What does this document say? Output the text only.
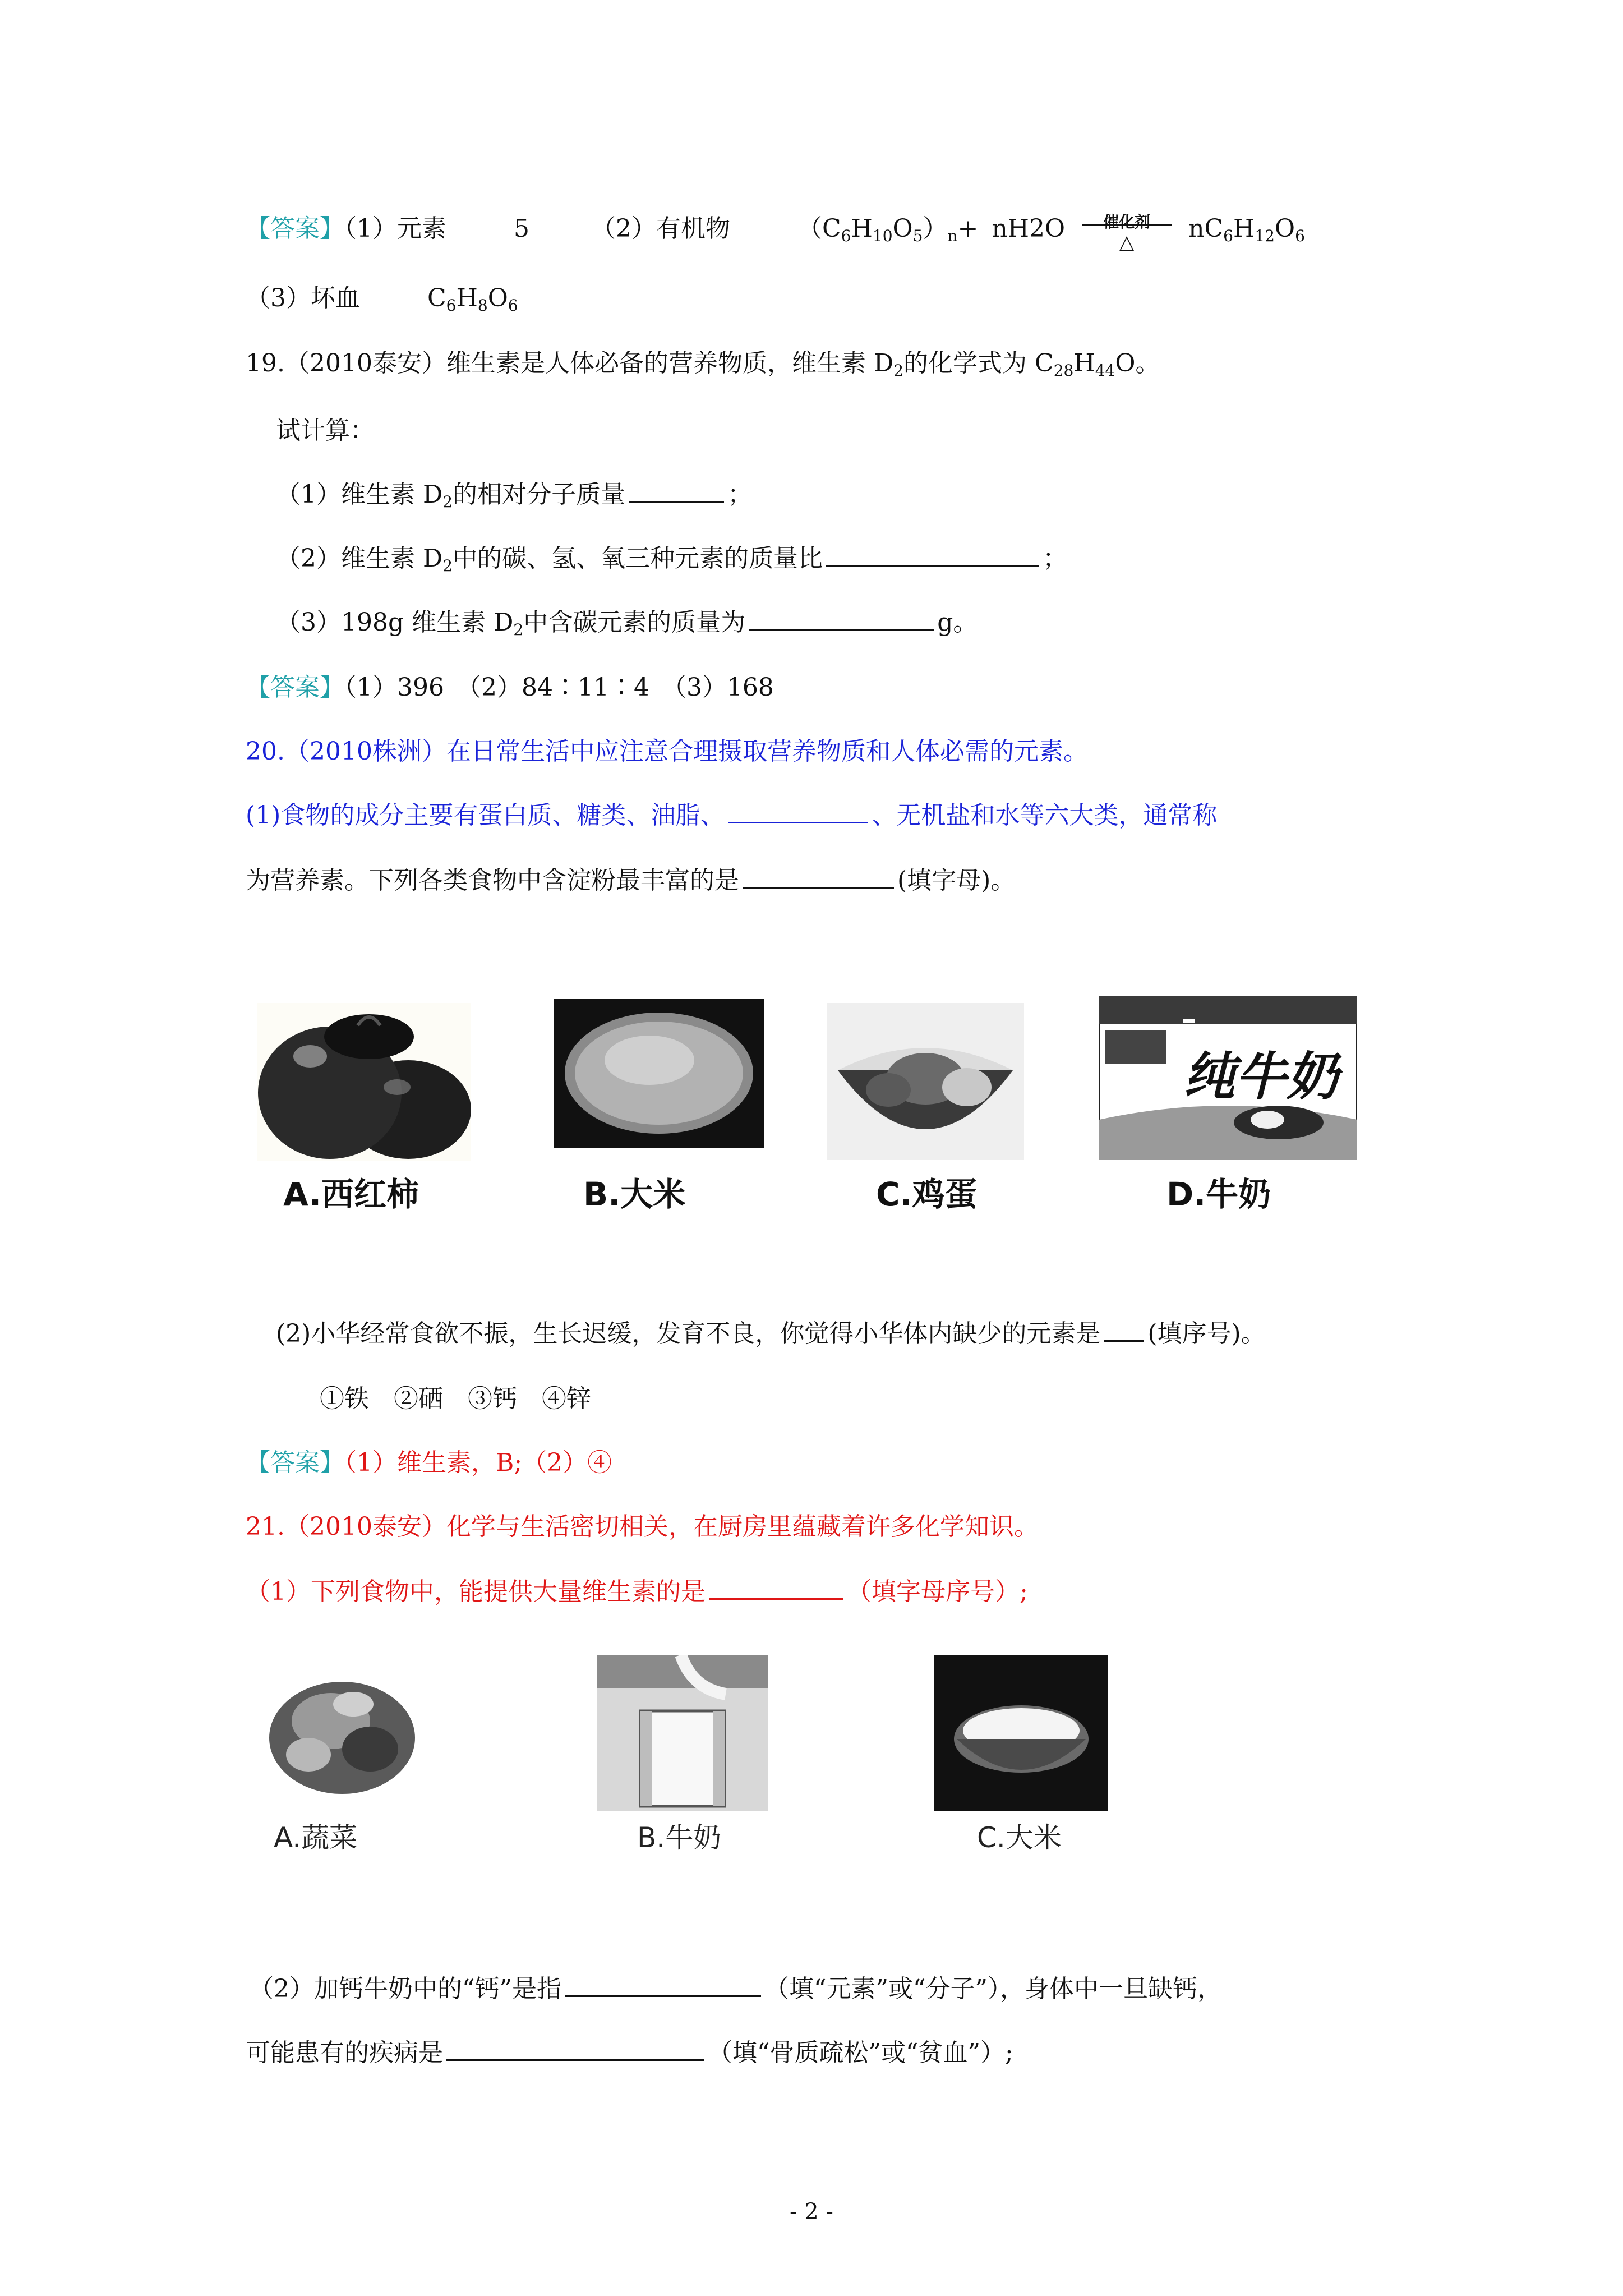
【答案】（1）元素	5	（2）有机物	$(C_6H_{10}O_5)_n+ nH2O$	催化剂
△	$nC_6H_{12}O_6$
（3）坏血	$C_6H_8O_6$
19.（2010泰安）维生素是人体必备的营养物质，维生素 $D_2$的化学式为 $C_{28}H_{44}O$。
试计算：
（1）维生素 $D_2$的相对分子质量	；
（2）维生素 $D_2$中的碳、氢、氧三种元素的质量比	；
（3）198g 维生素 $D_2$中含碳元素的质量为	g。
【答案】（1）396　（2）84∶11∶4　（3）168
20.（2010株洲）在日常生活中应注意合理摄取营养物质和人体必需的元素。
(1)食物的成分主要有蛋白质、糖类、油脂、	、无机盐和水等六大类，通常称
为营养素。下列各类食物中含淀粉最丰富的是	(填字母)。
A.西红柿	B.大米	C.鸡蛋
纯牛奶
D.牛奶
(2)小华经常食欲不振，生长迟缓，发育不良，你觉得小华体内缺少的元素是 (填序号)。
①铁　②硒　③钙　④锌
【答案】（1）维生素，B;（2）④
21.（2010泰安）化学与生活密切相关，在厨房里蕴藏着许多化学知识。
（1）下列食物中，能提供大量维生素的是	（填字母序号）;
A.蔬菜	B.牛奶	C.大米
（2）加钙牛奶中的“钙”是指	（填“元素”或“分子”），身体中一旦缺钙，
可能患有的疾病是	（填“骨质疏松”或“贫血”）;
- 2 -
